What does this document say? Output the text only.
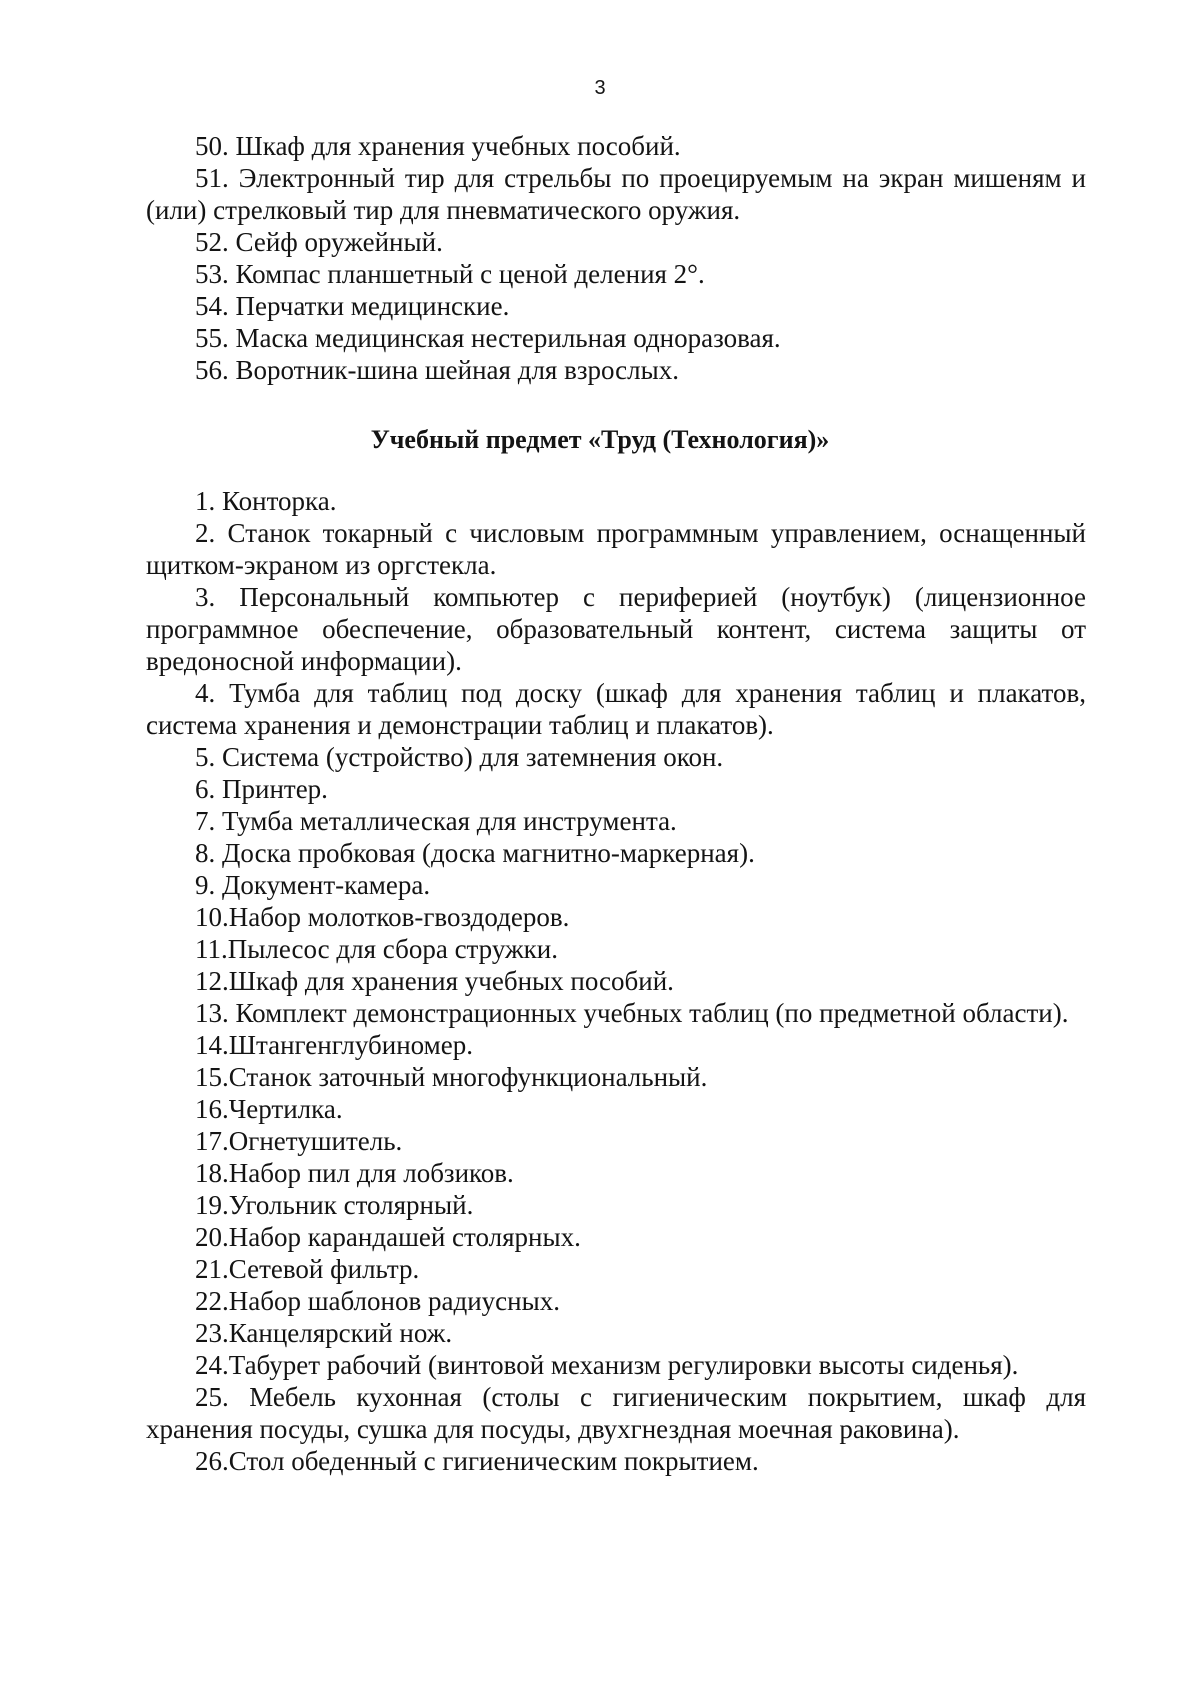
3

50. Шкаф для хранения учебных пособий.

51. Электронный тир для стрельбы по проецируемым на экран мишеням и (или) стрелковый тир для пневматического оружия.

52. Сейф оружейный.

53. Компас планшетный с ценой деления 2°.

54. Перчатки медицинские.

55. Маска медицинская нестерильная одноразовая.

56. Воротник-шина шейная для взрослых.

Учебный предмет «Труд (Технология)»

1. Конторка.

2. Станок токарный с числовым программным управлением, оснащенный щитком-экраном из оргстекла.

3. Персональный компьютер с периферией (ноутбук) (лицензионное программное обеспечение, образовательный контент, система защиты от вредоносной информации).

4. Тумба для таблиц под доску (шкаф для хранения таблиц и плакатов, система хранения и демонстрации таблиц и плакатов).

5. Система (устройство) для затемнения окон.

6. Принтер.

7. Тумба металлическая для инструмента.

8. Доска пробковая (доска магнитно-маркерная).

9. Документ-камера.

10.Набор молотков-гвоздодеров.

11.Пылесос для сбора стружки.

12.Шкаф для хранения учебных пособий.

13. Комплект демонстрационных учебных таблиц (по предметной области).

14.Штангенглубиномер.

15.Станок заточный многофункциональный.

16.Чертилка.

17.Огнетушитель.

18.Набор пил для лобзиков.

19.Угольник столярный.

20.Набор карандашей столярных.

21.Сетевой фильтр.

22.Набор шаблонов радиусных.

23.Канцелярский нож.

24.Табурет рабочий (винтовой механизм регулировки высоты сиденья).

25. Мебель кухонная (столы с гигиеническим покрытием, шкаф для хранения посуды, сушка для посуды, двухгнездная моечная раковина).

26.Стол обеденный с гигиеническим покрытием.
